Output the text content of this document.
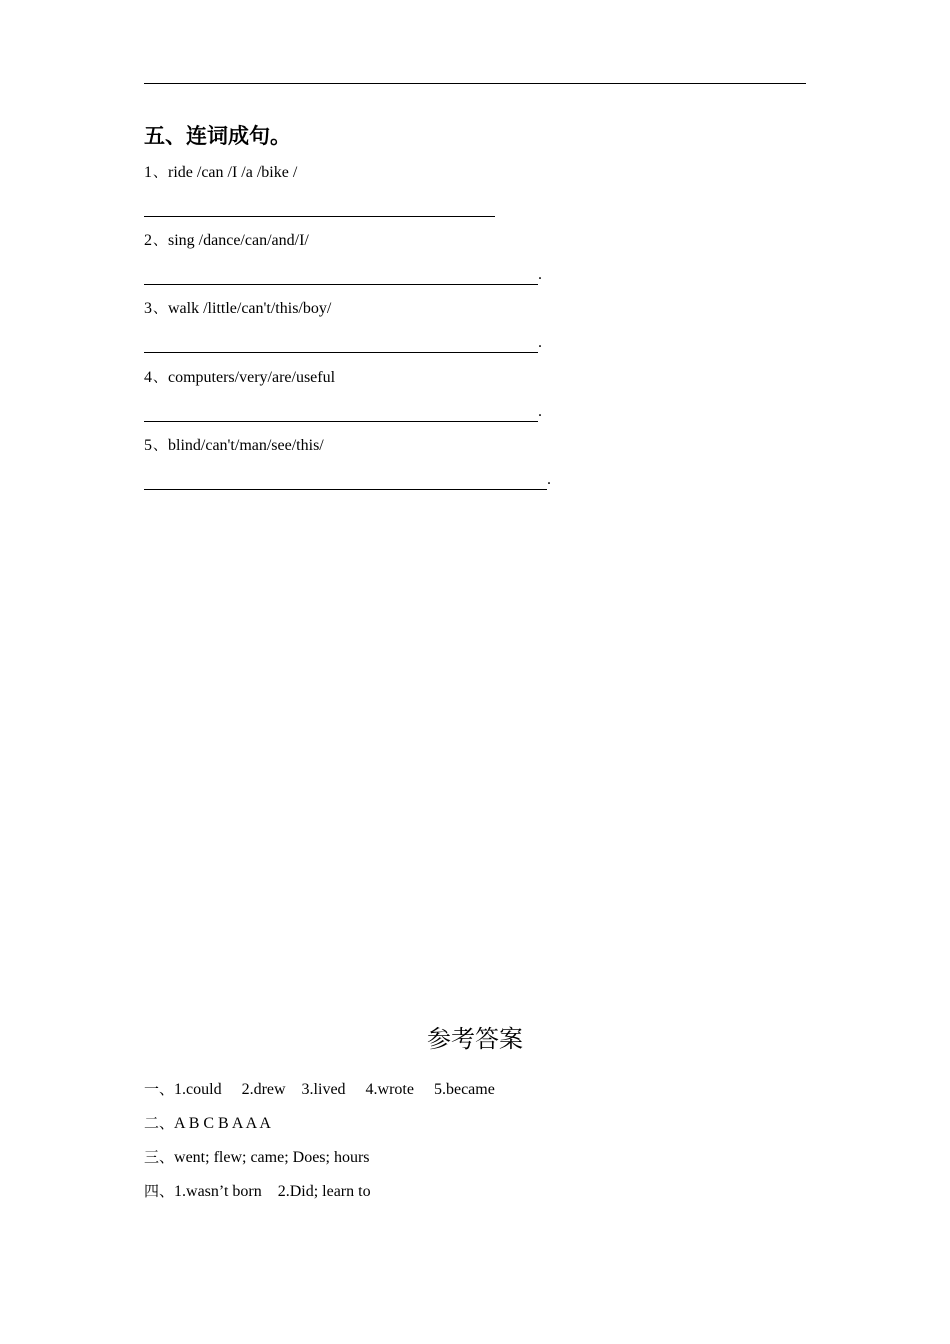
五、连词成句。
1、ride /can /I /a /bike /
2、sing /dance/can/and/I/
.
3、walk /little/can't/this/boy/
.
4、computers/very/are/useful
.
5、blind/can't/man/see/this/
.
参考答案
一、1.could     2.drew    3.lived     4.wrote     5.became
二、A B C B A A A
三、went; flew; came; Does; hours
四、1.wasn’t born    2.Did; learn to
